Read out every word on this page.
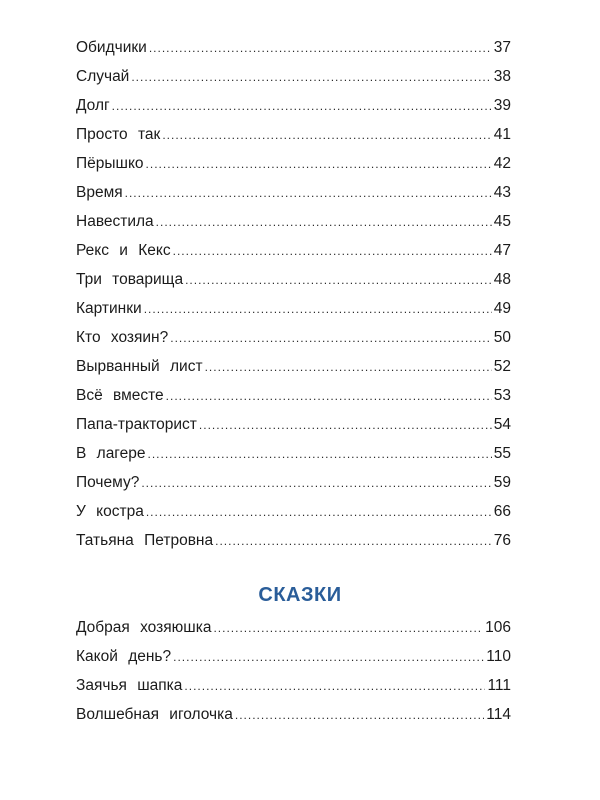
Обидчики .....	37
Случай .....	38
Долг .....	39
Просто так .....	41
Пёрышко .....	42
Время .....	43
Навестила .....	45
Рекс и Кекс .....	47
Три товарища .....	48
Картинки .....	49
Кто хозяин? .....	50
Вырванный лист .....	52
Всё вместе .....	53
Папа-тракторист .....	54
В лагере .....	55
Почему? .....	59
У костра .....	66
Татьяна Петровна .....	76
СКАЗКИ
Добрая хозяюшка .....	106
Какой день? .....	110
Заячья шапка .....	111
Волшебная иголочка .....	114
